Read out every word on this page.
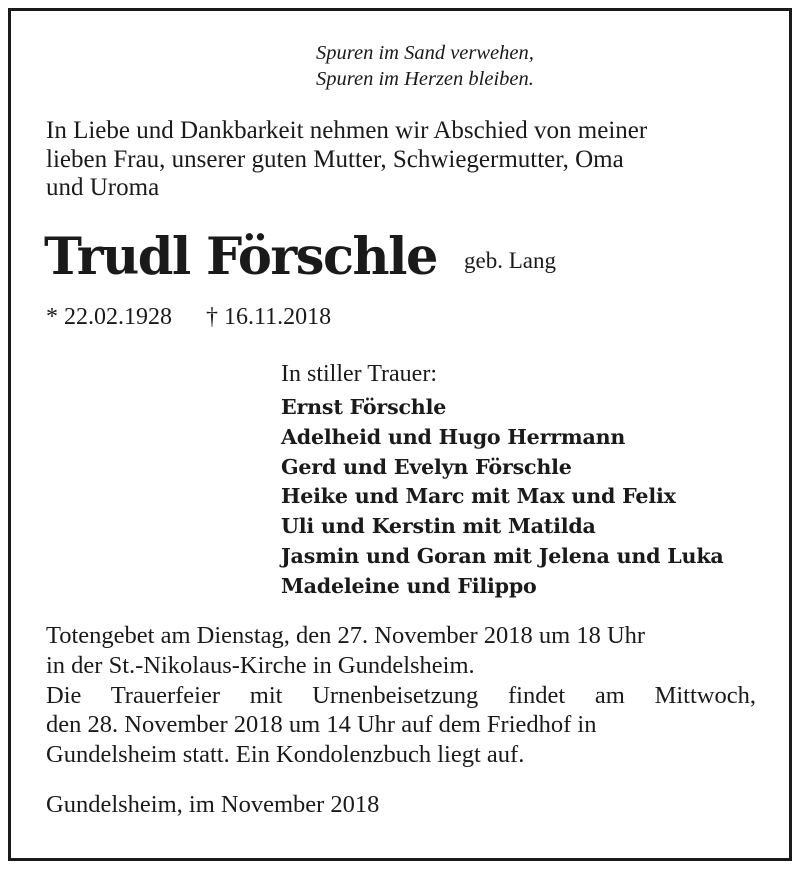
Spuren im Sand verwehen,
Spuren im Herzen bleiben.

In Liebe und Dankbarkeit nehmen wir Abschied von meiner
lieben Frau, unserer guten Mutter, Schwiegermutter, Oma
und Uroma

Trudl Förschle geb. Lang
* 22.02.1928 † 16.11.2018
In stiller Trauer:
Ernst Förschle
Adelheid und Hugo Herrmann
Gerd und Evelyn Förschle
Heike und Marc mit Max und Felix
Uli und Kerstin mit Matilda
Jasmin und Goran mit Jelena und Luka
Madeleine und Filippo

Totengebet am Dienstag, den 27. November 2018 um 18 Uhr
in der St.-Nikolaus-Kirche in Gundelsheim.
Die Trauerfeier mit Urnenbeisetzung findet am Mittwoch,
den 28. November 2018 um 14 Uhr auf dem Friedhof in
Gundelsheim statt. Ein Kondolenzbuch liegt auf.

Gundelsheim, im November 2018
